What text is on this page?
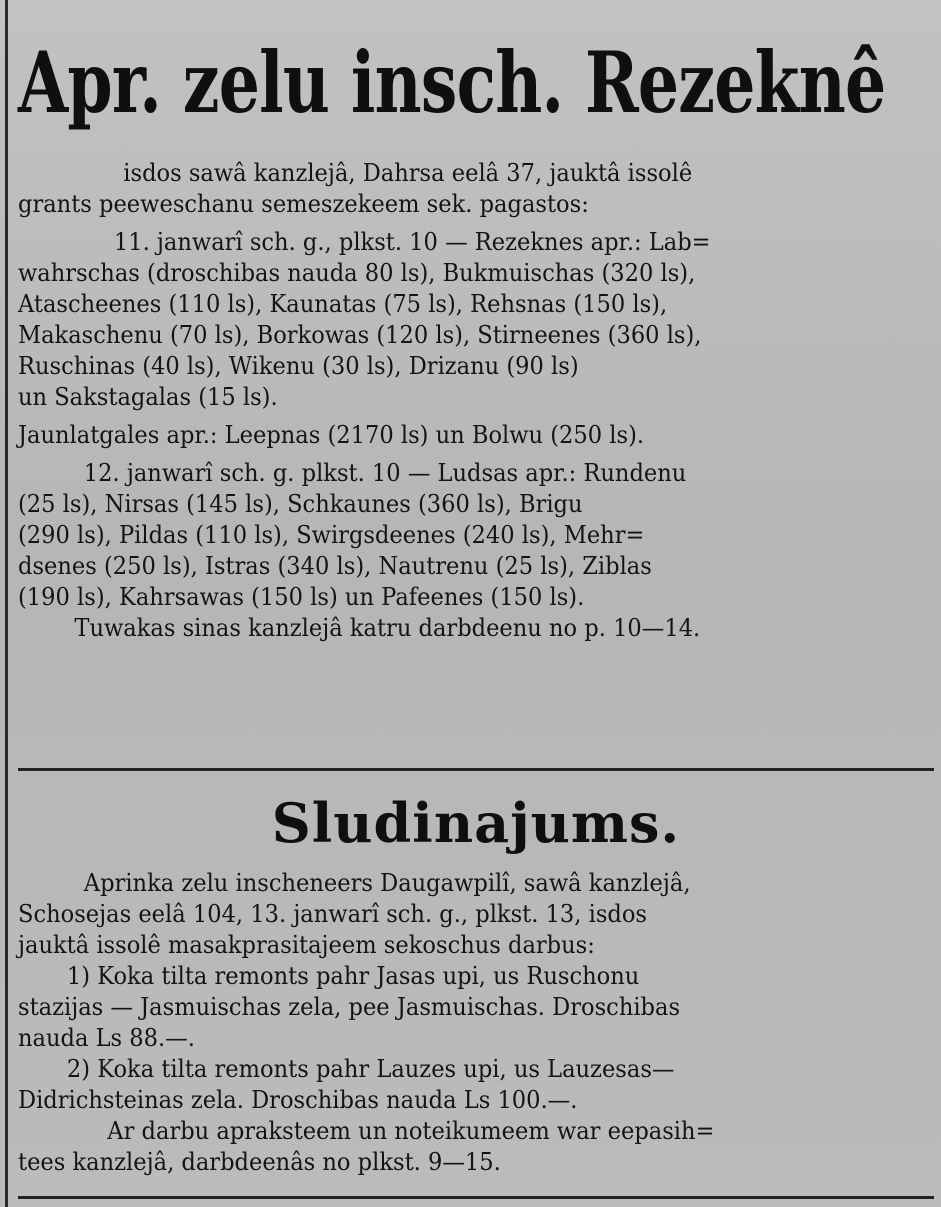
Apr. zelu insch. Rezeknê
isdos sawâ kanzlejâ, Dahrsa eelâ 37, jauktâ issolê
grants peeweschanu semeszekeem sek. pagastos:
11. janwarî sch. g., plkst. 10 — Rezeknes apr.: Lab=
wahrschas (droschibas nauda 80 ls), Bukmuischas (320 ls),
Atascheenes (110 ls), Kaunatas (75 ls), Rehsnas (150 ls),
Makaschenu (70 ls), Borkowas (120 ls), Stirneenes (360 ls),
Ruschinas (40 ls), Wikenu (30 ls), Drizanu (90 ls)
un Sakstagalas (15 ls).
Jaunlatgales apr.: Leepnas (2170 ls) un Bolwu (250 ls).
12. janwarî sch. g. plkst. 10 — Ludsas apr.: Rundenu
(25 ls), Nirsas (145 ls), Schkaunes (360 ls), Brigu
(290 ls), Pildas (110 ls), Swirgsdeenes (240 ls), Mehr=
dsenes (250 ls), Istras (340 ls), Nautrenu (25 ls), Ziblas
(190 ls), Kahrsawas (150 ls) un Pafeenes (150 ls).
Tuwakas sinas kanzlejâ katru darbdeenu no p. 10—14.
Sludinajums.
Aprinka zelu inscheneers Daugawpilî, sawâ kanzlejâ,
Schosejas eelâ 104, 13. janwarî sch. g., plkst. 13, isdos
jauktâ issolê masakprasitajeem sekoschus darbus:
1) Koka tilta remonts pahr Jasas upi, us Ruschonu
stazijas — Jasmuischas zela, pee Jasmuischas. Droschibas
nauda Ls 88.—.
2) Koka tilta remonts pahr Lauzes upi, us Lauzesas—
Didrichsteinas zela. Droschibas nauda Ls 100.—.
Ar darbu aprakstеem un noteikumeem war eepasih=
tees kanzlejâ, darbdeenâs no plkst. 9—15.
